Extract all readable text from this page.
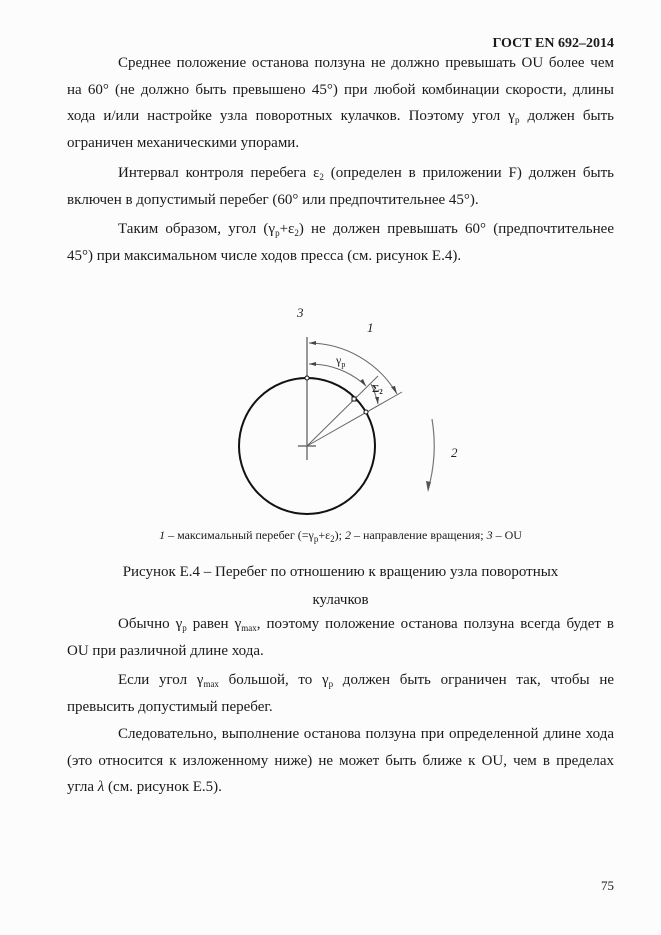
ГОСТ EN 692–2014
Среднее положение останова ползуна не должно превышать OU более чем на 60° (не должно быть превышено 45°) при любой комбинации скорости, длины хода и/или настройке узла поворотных кулачков. Поэтому угол $\gamma_р$ должен быть ограничен механическими упорами.
Интервал контроля перебега $\varepsilon_2$ (определен в приложении F) должен быть включен в допустимый перебег (60° или предпочтительнее 45°).
Таким образом, угол $(\gamma_р+\varepsilon_2)$ не должен превышать 60° (предпочтительнее 45°) при максимальном числе ходов пресса (см. рисунок Е.4).
3
1
2
$\gamma_р$
Σ2
1 – максимальный перебег $(=\gamma_р+\varepsilon_2)$; 2 – направление вращения; 3 – OU
Рисунок Е.4 – Перебег по отношению к вращению узла поворотных
кулачков
Обычно $\gamma_р$ равен $\gamma_{max}$, поэтому положение останова ползуна всегда будет в OU при различной длине хода.
Если угол $\gamma_{max}$ большой, то $\gamma_р$ должен быть ограничен так, чтобы не превысить допустимый перебег.
Следовательно, выполнение останова ползуна при определенной длине хода (это относится к изложенному ниже) не может быть ближе к OU, чем в пределах угла λ (см. рисунок Е.5).
75
